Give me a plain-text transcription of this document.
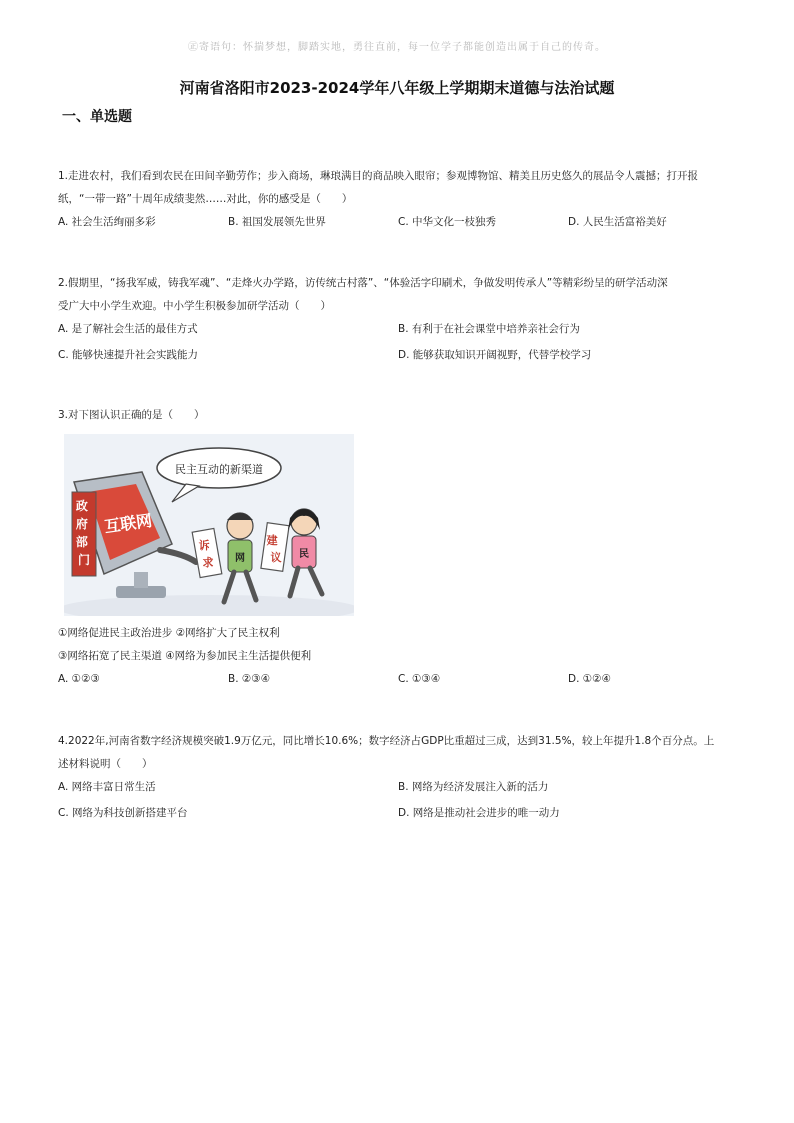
㊣寄语句：怀揣梦想，脚踏实地，勇往直前，每一位学子都能创造出属于自己的传奇。
河南省洛阳市2023-2024学年八年级上学期期末道德与法治试题
一、单选题

1.走进农村，我们看到农民在田间辛勤劳作；步入商场，琳琅满目的商品映入眼帘；参观博物馆、精美且历史悠久的展品令人震撼；打开报

纸，“一带一路”十周年成绩斐然……对此，你的感受是（　　）

A. 社会生活绚丽多彩	B. 祖国发展领先世界	C. 中华文化一枝独秀	D. 人民生活富裕美好

2.假期里，“扬我军威，铸我军魂”、“走烽火办学路，访传统古村落”、“体验活字印刷术，争做发明传承人”等精彩纷呈的研学活动深

受广大中小学生欢迎。中小学生积极参加研学活动（　　）

A. 是了解社会生活的最佳方式	B. 有利于在社会课堂中培养亲社会行为
C. 能够快速提升社会实践能力	D. 能够获取知识开阔视野，代替学校学习

3.对下图认识正确的是（　　）

民主互动的新渠道
政 府 部 门
互联网
诉 求 网
建 议 民

①网络促进民主政治进步 ②网络扩大了民主权利

③网络拓宽了民主渠道 ④网络为参加民主生活提供便利

A. ①②③	B. ②③④	C. ①③④	D. ①②④

4.2022年,河南省数字经济规模突破1.9万亿元，同比增长10.6%；数字经济占GDP比重超过三成，达到31.5%，较上年提升1.8个百分点。上

述材料说明（　　）

A. 网络丰富日常生活	B. 网络为经济发展注入新的活力
C. 网络为科技创新搭建平台	D. 网络是推动社会进步的唯一动力
